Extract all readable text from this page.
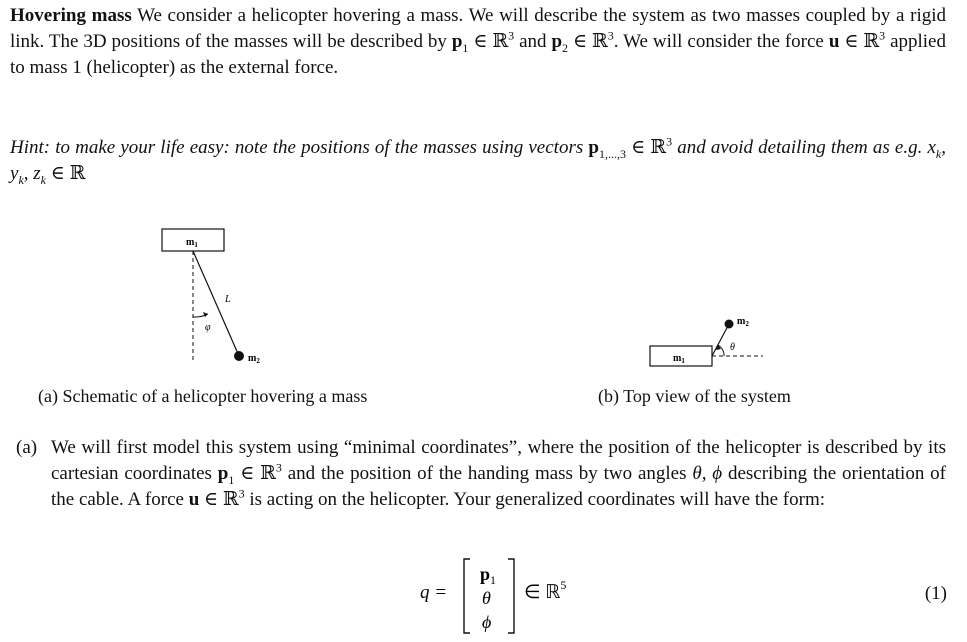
Hovering mass We consider a helicopter hovering a mass. We will describe the system as two masses coupled by a rigid link. The 3D positions of the masses will be described by $p_1$ ∈ ℝ$^3$ and $p_2$ ∈ ℝ$^3$. We will consider the force u ∈ ℝ$^3$ applied to mass 1 (helicopter) as the external force.
Hint: to make your life easy: note the positions of the masses using vectors $p_{1,...,3}$ ∈ ℝ$^3$ and avoid detailing them as e.g. $x_k$, $y_k$, $z_k$ ∈ ℝ
$m_1$
$m_2$
L
φ
(a) Schematic of a helicopter hovering a mass
$m_1$
$m_2$
θ
(b) Top view of the system
(a) We will first model this system using “minimal coordinates”, where the position of the helicopter is described by its cartesian coordinates $p_1$ ∈ ℝ$^3$ and the position of the handing mass by two angles θ, ϕ describing the orientation of the cable. A force u ∈ ℝ$^3$ is acting on the helicopter. Your generalized coordinates will have the form:
q =
$p_1$
θ
ϕ
∈ ℝ$^5$	(1)
